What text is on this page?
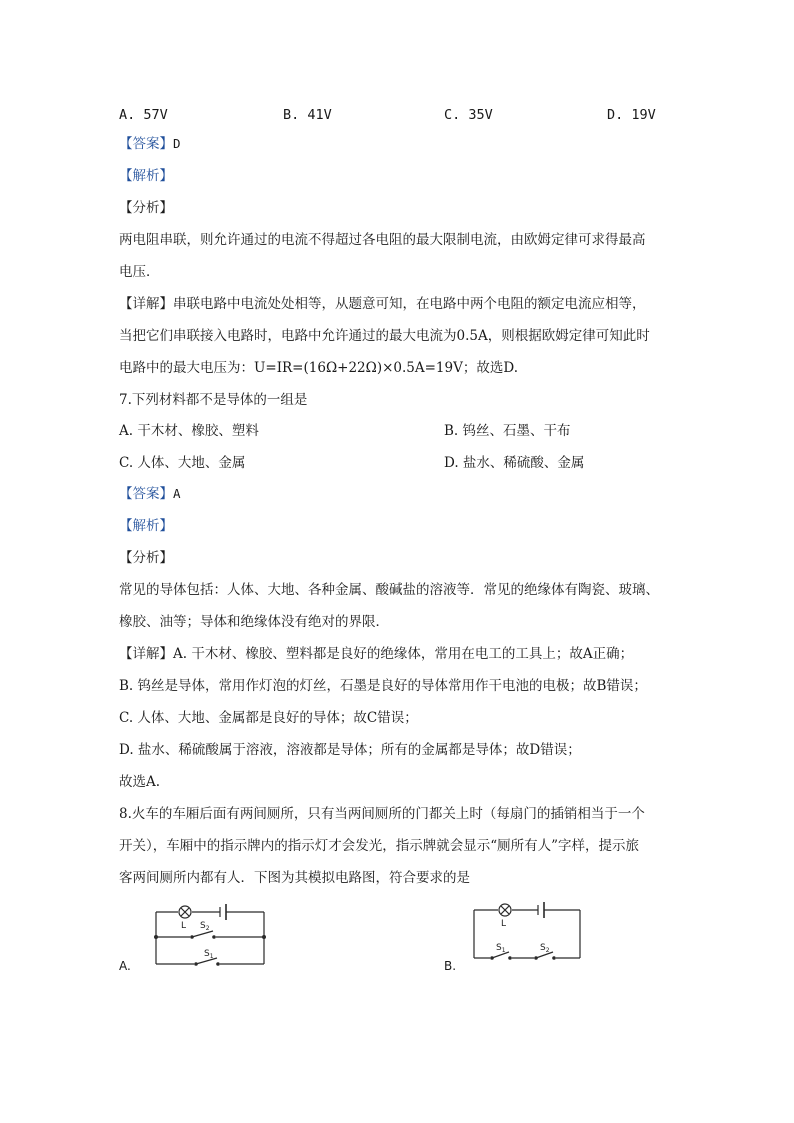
A. 57V	B. 41V	C. 35V	D. 19V
【答案】D
【解析】
【分析】
两电阻串联，则允许通过的电流不得超过各电阻的最大限制电流，由欧姆定律可求得最高
电压．
【详解】串联电路中电流处处相等，从题意可知，在电路中两个电阻的额定电流应相等，
当把它们串联接入电路时，电路中允许通过的最大电流为0.5A，则根据欧姆定律可知此时
电路中的最大电压为：U=IR=(16Ω+22Ω)×0.5A=19V；故选D.
7.下列材料都不是导体的一组是
A. 干木材、橡胶、塑料	B. 钨丝、石墨、干布
C. 人体、大地、金属	D. 盐水、稀硫酸、金属
【答案】A
【解析】
【分析】
常见的导体包括：人体、大地、各种金属、酸碱盐的溶液等．常见的绝缘体有陶瓷、玻璃、
橡胶、油等；导体和绝缘体没有绝对的界限．
【详解】A. 干木材、橡胶、塑料都是良好的绝缘体，常用在电工的工具上；故A正确；
B. 钨丝是导体，常用作灯泡的灯丝，石墨是良好的导体常用作干电池的电极；故B错误；
C. 人体、大地、金属都是良好的导体；故C错误；
D. 盐水、稀硫酸属于溶液，溶液都是导体；所有的金属都是导体；故D错误；
故选A.
8.火车的车厢后面有两间厕所，只有当两间厕所的门都关上时（每扇门的插销相当于一个
开关），车厢中的指示牌内的指示灯才会发光，指示牌就会显示“厕所有人”字样，提示旅
客两间厕所内都有人．下图为其模拟电路图，符合要求的是
L $S_2$
$S_1$
A.
L
$S_1$	$S_2$
B.
